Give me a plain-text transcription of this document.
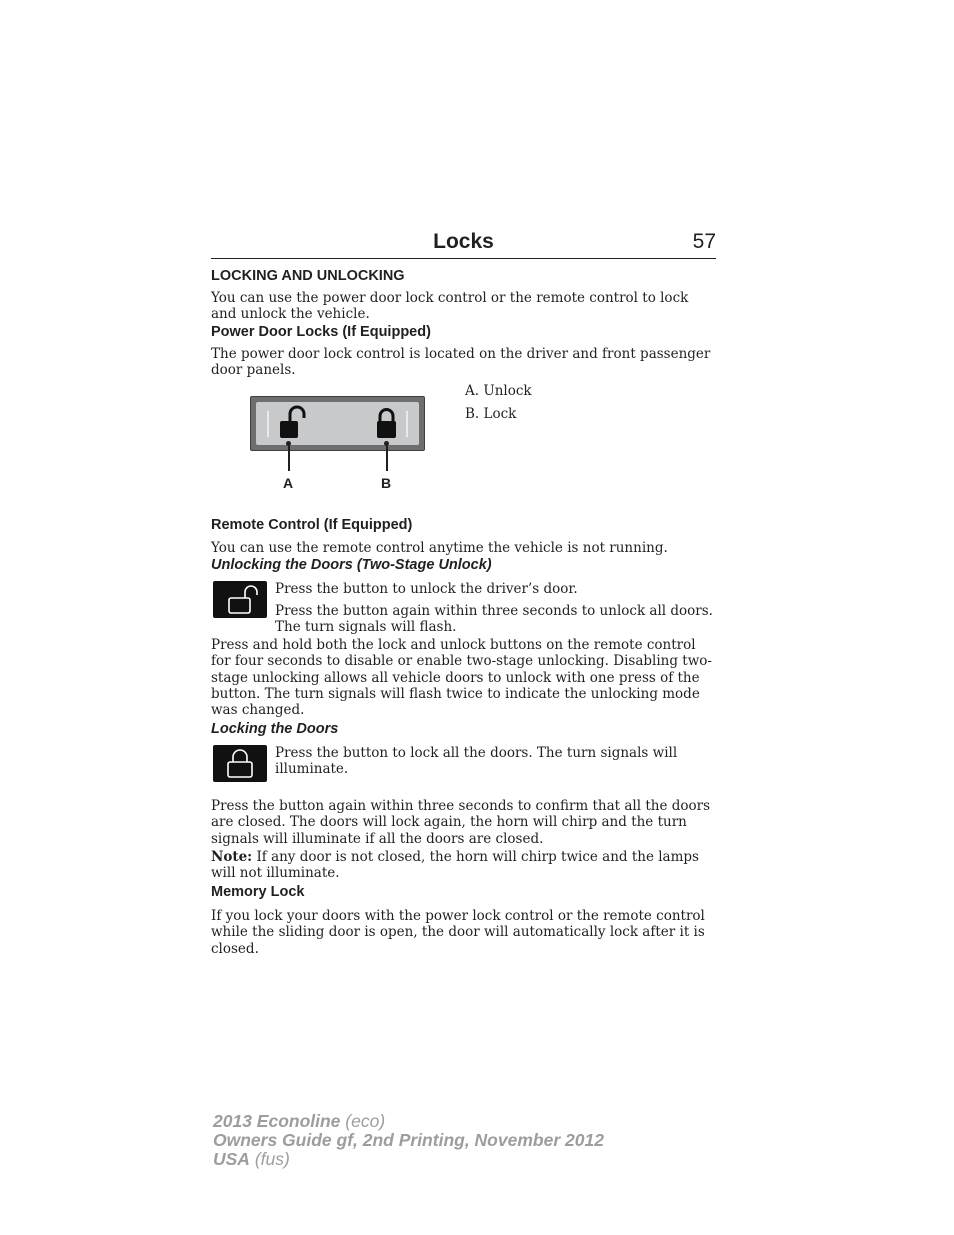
Locks	57
LOCKING AND UNLOCKING
You can use the power door lock control or the remote control to lock and unlock the vehicle.
Power Door Locks (If Equipped)
The power door lock control is located on the driver and front passenger door panels.
A	B
A. Unlock
B. Lock
Remote Control (If Equipped)
You can use the remote control anytime the vehicle is not running.
Unlocking the Doors (Two-Stage Unlock)
Press the button to unlock the driver’s door.
Press the button again within three seconds to unlock all doors. The turn signals will flash.
Press and hold both the lock and unlock buttons on the remote control for four seconds to disable or enable two-stage unlocking. Disabling two-stage unlocking allows all vehicle doors to unlock with one press of the button. The turn signals will flash twice to indicate the unlocking mode was changed.
Locking the Doors
Press the button to lock all the doors. The turn signals will illuminate.
Press the button again within three seconds to confirm that all the doors are closed. The doors will lock again, the horn will chirp and the turn signals will illuminate if all the doors are closed.
Note: If any door is not closed, the horn will chirp twice and the lamps will not illuminate.
Memory Lock
If you lock your doors with the power lock control or the remote control while the sliding door is open, the door will automatically lock after it is closed.
2013 Econoline (eco)
Owners Guide gf, 2nd Printing, November 2012
USA (fus)
